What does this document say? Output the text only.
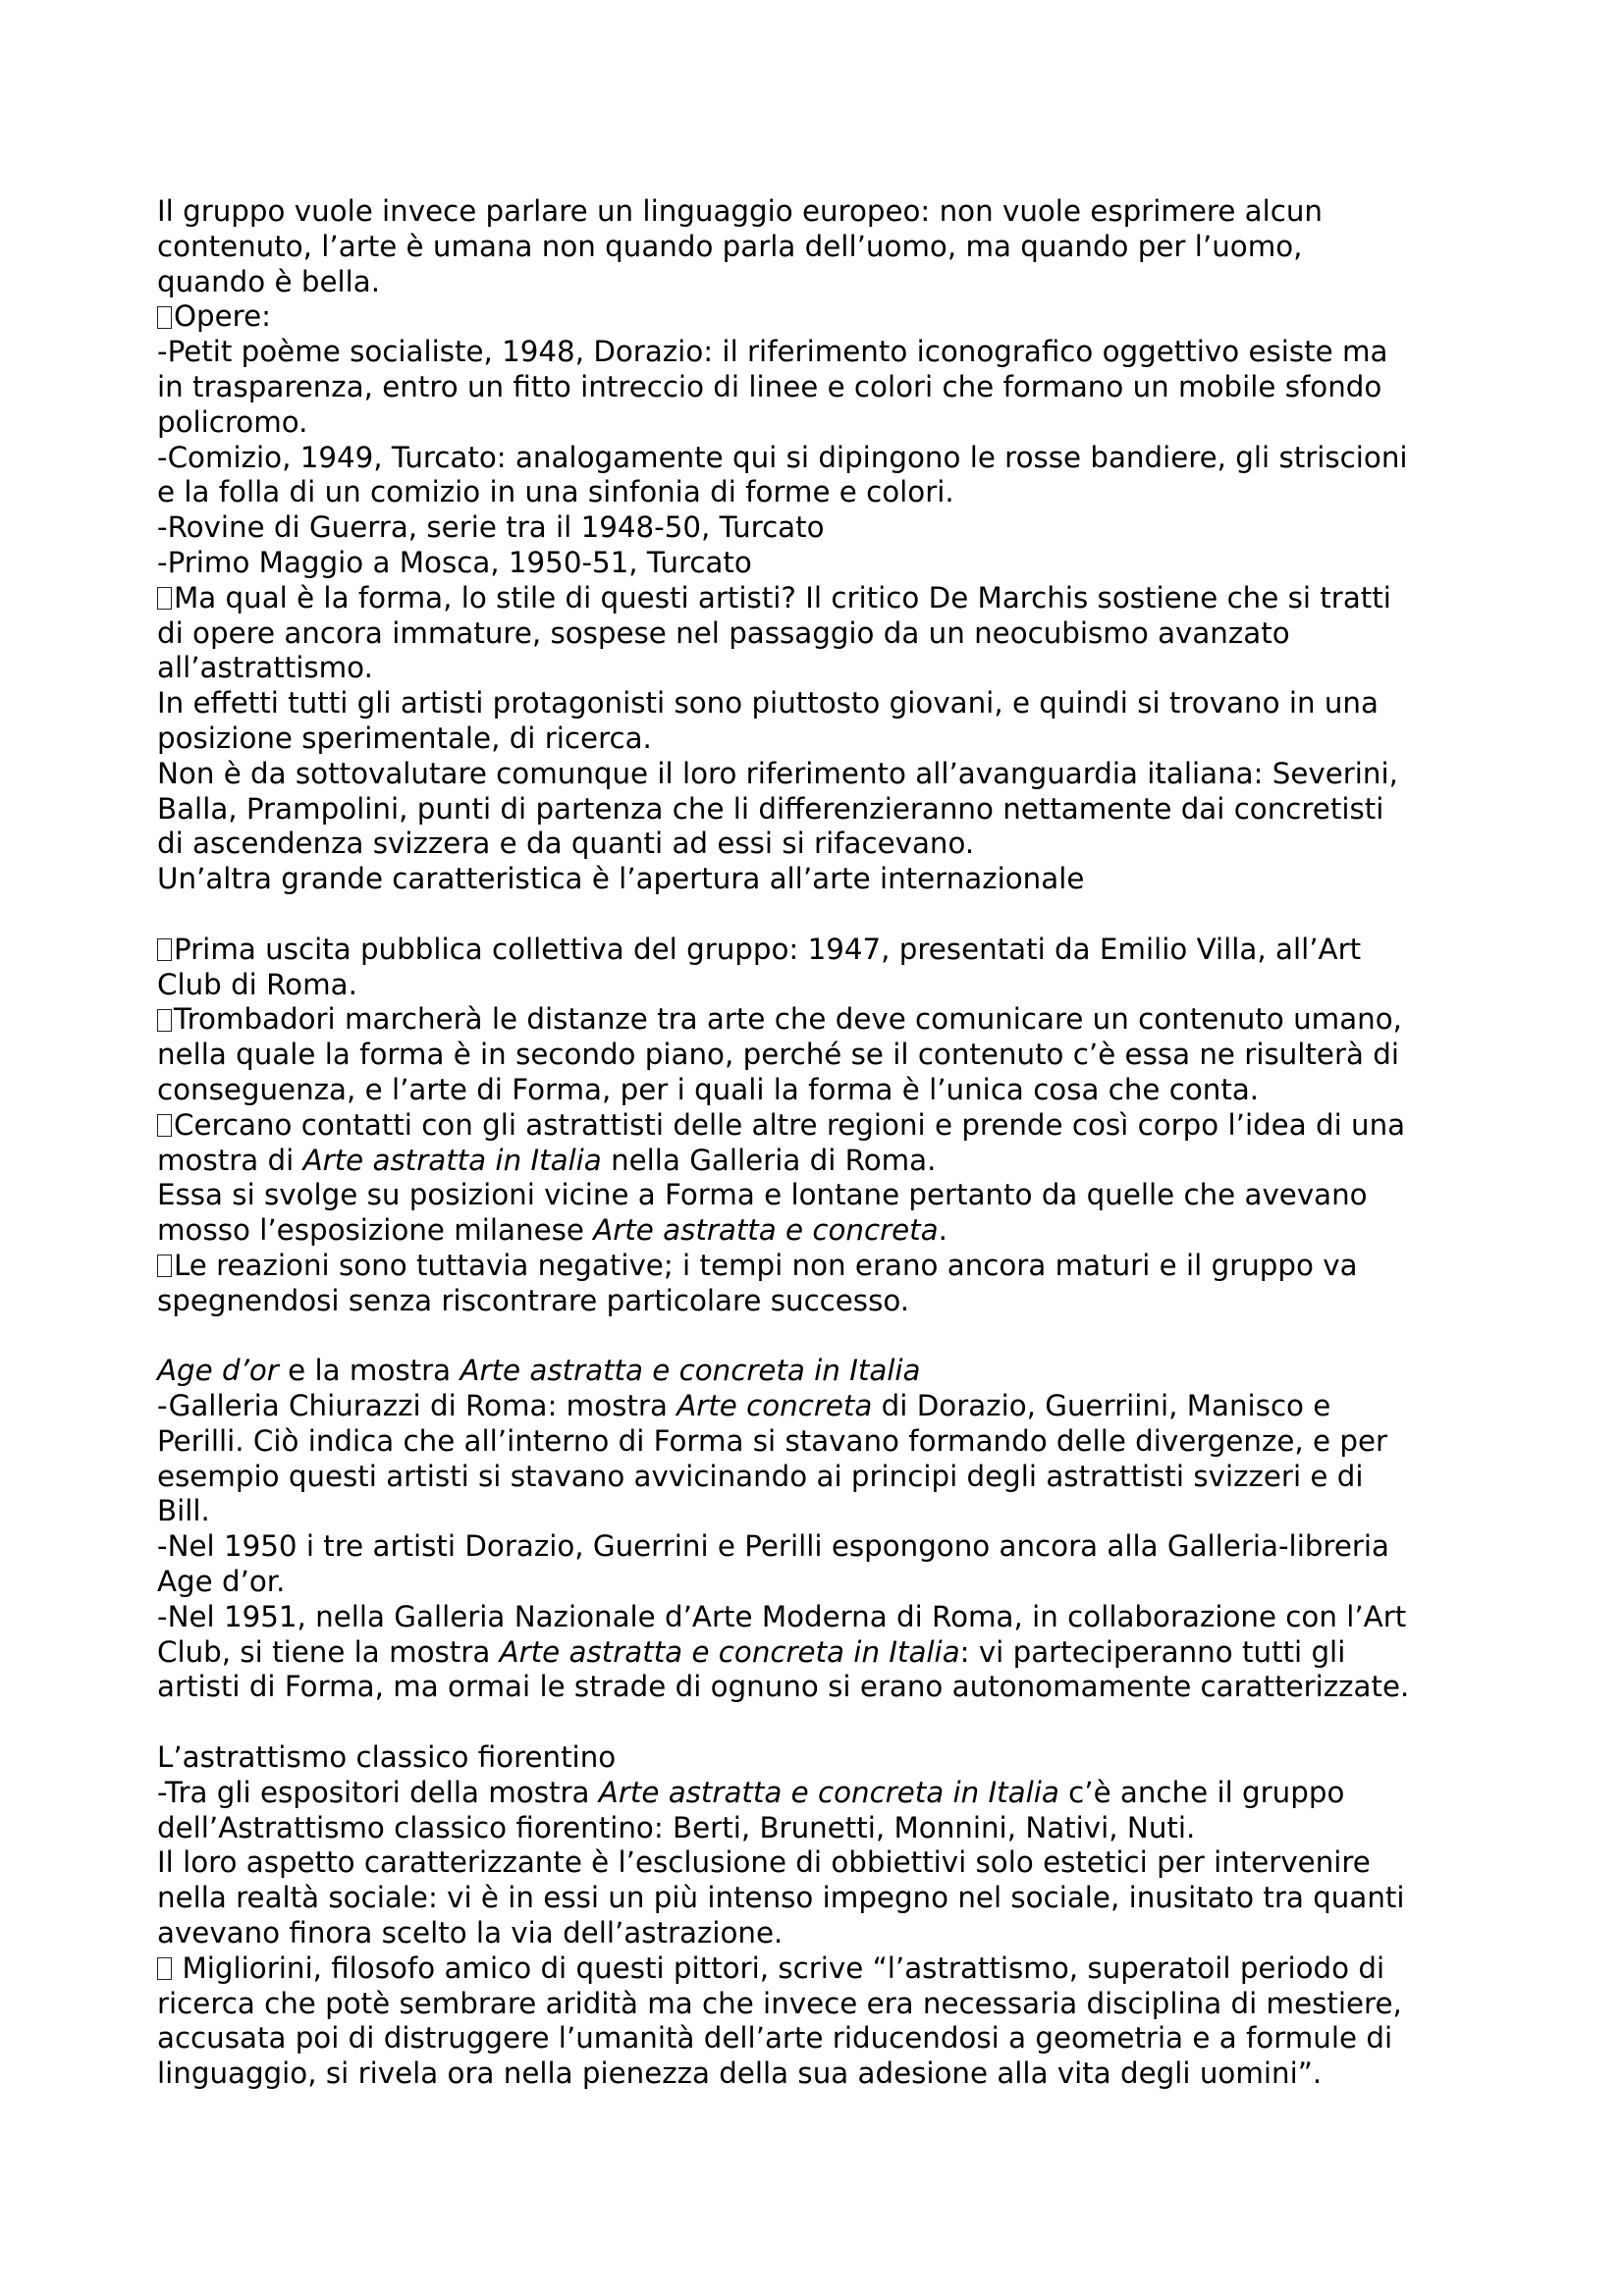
Il gruppo vuole invece parlare un linguaggio europeo: non vuole esprimere alcun
contenuto, l’arte è umana non quando parla dell’uomo, ma quando per l’uomo,
quando è bella.
Opere:
-Petit poème socialiste, 1948, Dorazio: il riferimento iconografico oggettivo esiste ma
in trasparenza, entro un fitto intreccio di linee e colori che formano un mobile sfondo
policromo.
-Comizio, 1949, Turcato: analogamente qui si dipingono le rosse bandiere, gli striscioni
e la folla di un comizio in una sinfonia di forme e colori.
-Rovine di Guerra, serie tra il 1948-50, Turcato
-Primo Maggio a Mosca, 1950-51, Turcato
Ma qual è la forma, lo stile di questi artisti? Il critico De Marchis sostiene che si tratti
di opere ancora immature, sospese nel passaggio da un neocubismo avanzato
all’astrattismo.
In effetti tutti gli artisti protagonisti sono piuttosto giovani, e quindi si trovano in una
posizione sperimentale, di ricerca.
Non è da sottovalutare comunque il loro riferimento all’avanguardia italiana: Severini,
Balla, Prampolini, punti di partenza che li differenzieranno nettamente dai concretisti
di ascendenza svizzera e da quanti ad essi si rifacevano.
Un’altra grande caratteristica è l’apertura all’arte internazionale
Prima uscita pubblica collettiva del gruppo: 1947, presentati da Emilio Villa, all’Art
Club di Roma.
Trombadori marcherà le distanze tra arte che deve comunicare un contenuto umano,
nella quale la forma è in secondo piano, perché se il contenuto c’è essa ne risulterà di
conseguenza, e l’arte di Forma, per i quali la forma è l’unica cosa che conta.
Cercano contatti con gli astrattisti delle altre regioni e prende così corpo l’idea di una
mostra di Arte astratta in Italia nella Galleria di Roma.
Essa si svolge su posizioni vicine a Forma e lontane pertanto da quelle che avevano
mosso l’esposizione milanese Arte astratta e concreta.
Le reazioni sono tuttavia negative; i tempi non erano ancora maturi e il gruppo va
spegnendosi senza riscontrare particolare successo.
Age d’or e la mostra Arte astratta e concreta in Italia
-Galleria Chiurazzi di Roma: mostra Arte concreta di Dorazio, Guerriini, Manisco e
Perilli. Ciò indica che all’interno di Forma si stavano formando delle divergenze, e per
esempio questi artisti si stavano avvicinando ai principi degli astrattisti svizzeri e di
Bill.
-Nel 1950 i tre artisti Dorazio, Guerrini e Perilli espongono ancora alla Galleria-libreria
Age d’or.
-Nel 1951, nella Galleria Nazionale d’Arte Moderna di Roma, in collaborazione con l’Art
Club, si tiene la mostra Arte astratta e concreta in Italia: vi parteciperanno tutti gli
artisti di Forma, ma ormai le strade di ognuno si erano autonomamente caratterizzate.
L’astrattismo classico fiorentino
-Tra gli espositori della mostra Arte astratta e concreta in Italia c’è anche il gruppo
dell’Astrattismo classico fiorentino: Berti, Brunetti, Monnini, Nativi, Nuti.
Il loro aspetto caratterizzante è l’esclusione di obbiettivi solo estetici per intervenire
nella realtà sociale: vi è in essi un più intenso impegno nel sociale, inusitato tra quanti
avevano finora scelto la via dell’astrazione.
Migliorini, filosofo amico di questi pittori, scrive “l’astrattismo, superatoil periodo di
ricerca che potè sembrare aridità ma che invece era necessaria disciplina di mestiere,
accusata poi di distruggere l’umanità dell’arte riducendosi a geometria e a formule di
linguaggio, si rivela ora nella pienezza della sua adesione alla vita degli uomini”.
